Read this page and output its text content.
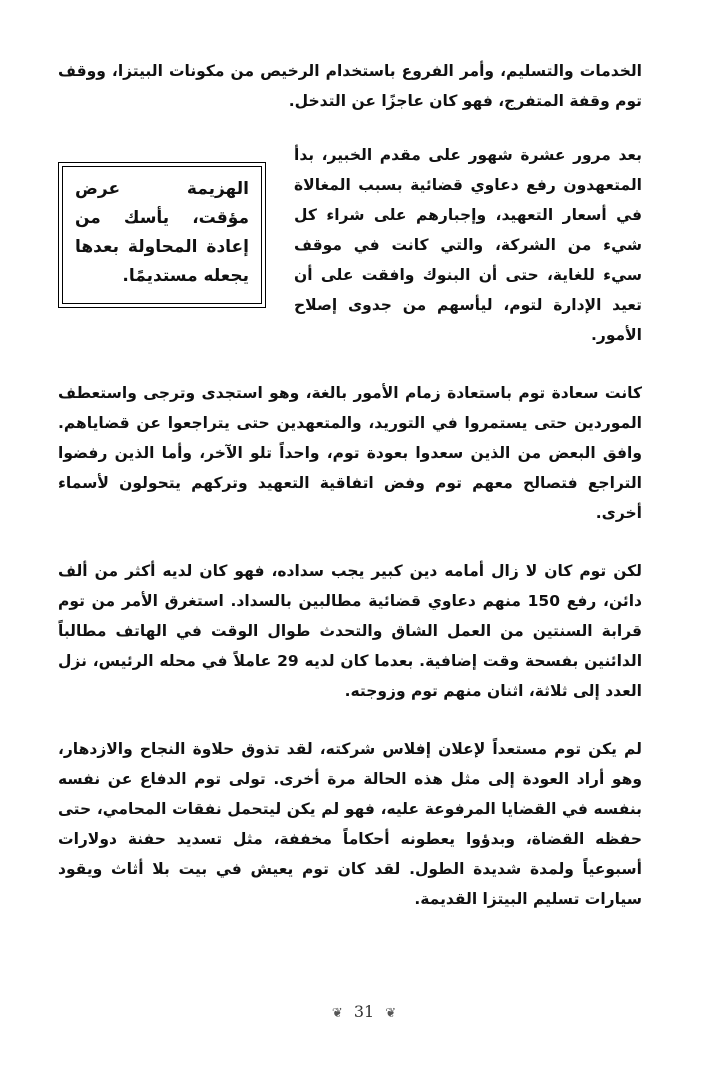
الخدمات والتسليم، وأمر الفروع باستخدام الرخيص من مكونات البيتزا، ووقف توم وقفة المتفرج، فهو كان عاجزًا عن التدخل.

الهزيمة عرض مؤقت، يأسك من إعادة المحاولة بعدها يجعله مستديمًا.

بعد مرور عشرة شهور على مقدم الخبير، بدأ المتعهدون رفع دعاوي قضائية بسبب المغالاة في أسعار التعهيد، وإجبارهم على شراء كل شيء من الشركة، والتي كانت في موقف سيء للغاية، حتى أن البنوك وافقت على أن تعيد الإدارة لتوم، ليأسهم من جدوى إصلاح الأمور.

كانت سعادة توم باستعادة زمام الأمور بالغة، وهو استجدى وترجى واستعطف الموردين حتى يستمروا في التوريد، والمتعهدين حتى يتراجعوا عن قضاياهم. وافق البعض من الذين سعدوا بعودة توم، واحداً تلو الآخر، وأما الذين رفضوا التراجع فتصالح معهم توم وفض اتفاقية التعهيد وتركهم يتحولون لأسماء أخرى.

لكن توم كان لا زال أمامه دين كبير يجب سداده، فهو كان لديه أكثر من ألف دائن، رفع 150 منهم دعاوي قضائية مطالبين بالسداد. استغرق الأمر من توم قرابة السنتين من العمل الشاق والتحدث طوال الوقت في الهاتف مطالباً الدائنين بفسحة وقت إضافية. بعدما كان لديه 29 عاملاً في محله الرئيس، نزل العدد إلى ثلاثة، اثنان منهم توم وزوجته.

لم يكن توم مستعداً لإعلان إفلاس شركته، لقد تذوق حلاوة النجاح والازدهار، وهو أراد العودة إلى مثل هذه الحالة مرة أخرى. تولى توم الدفاع عن نفسه بنفسه في القضايا المرفوعة عليه، فهو لم يكن ليتحمل نفقات المحامي، حتى حفظه القضاة، وبدؤوا يعطونه أحكاماً مخففة، مثل تسديد حفنة دولارات أسبوعياً ولمدة شديدة الطول. لقد كان توم يعيش في بيت بلا أثاث ويقود سيارات تسليم البيتزا القديمة.

❦ 31 ❦
